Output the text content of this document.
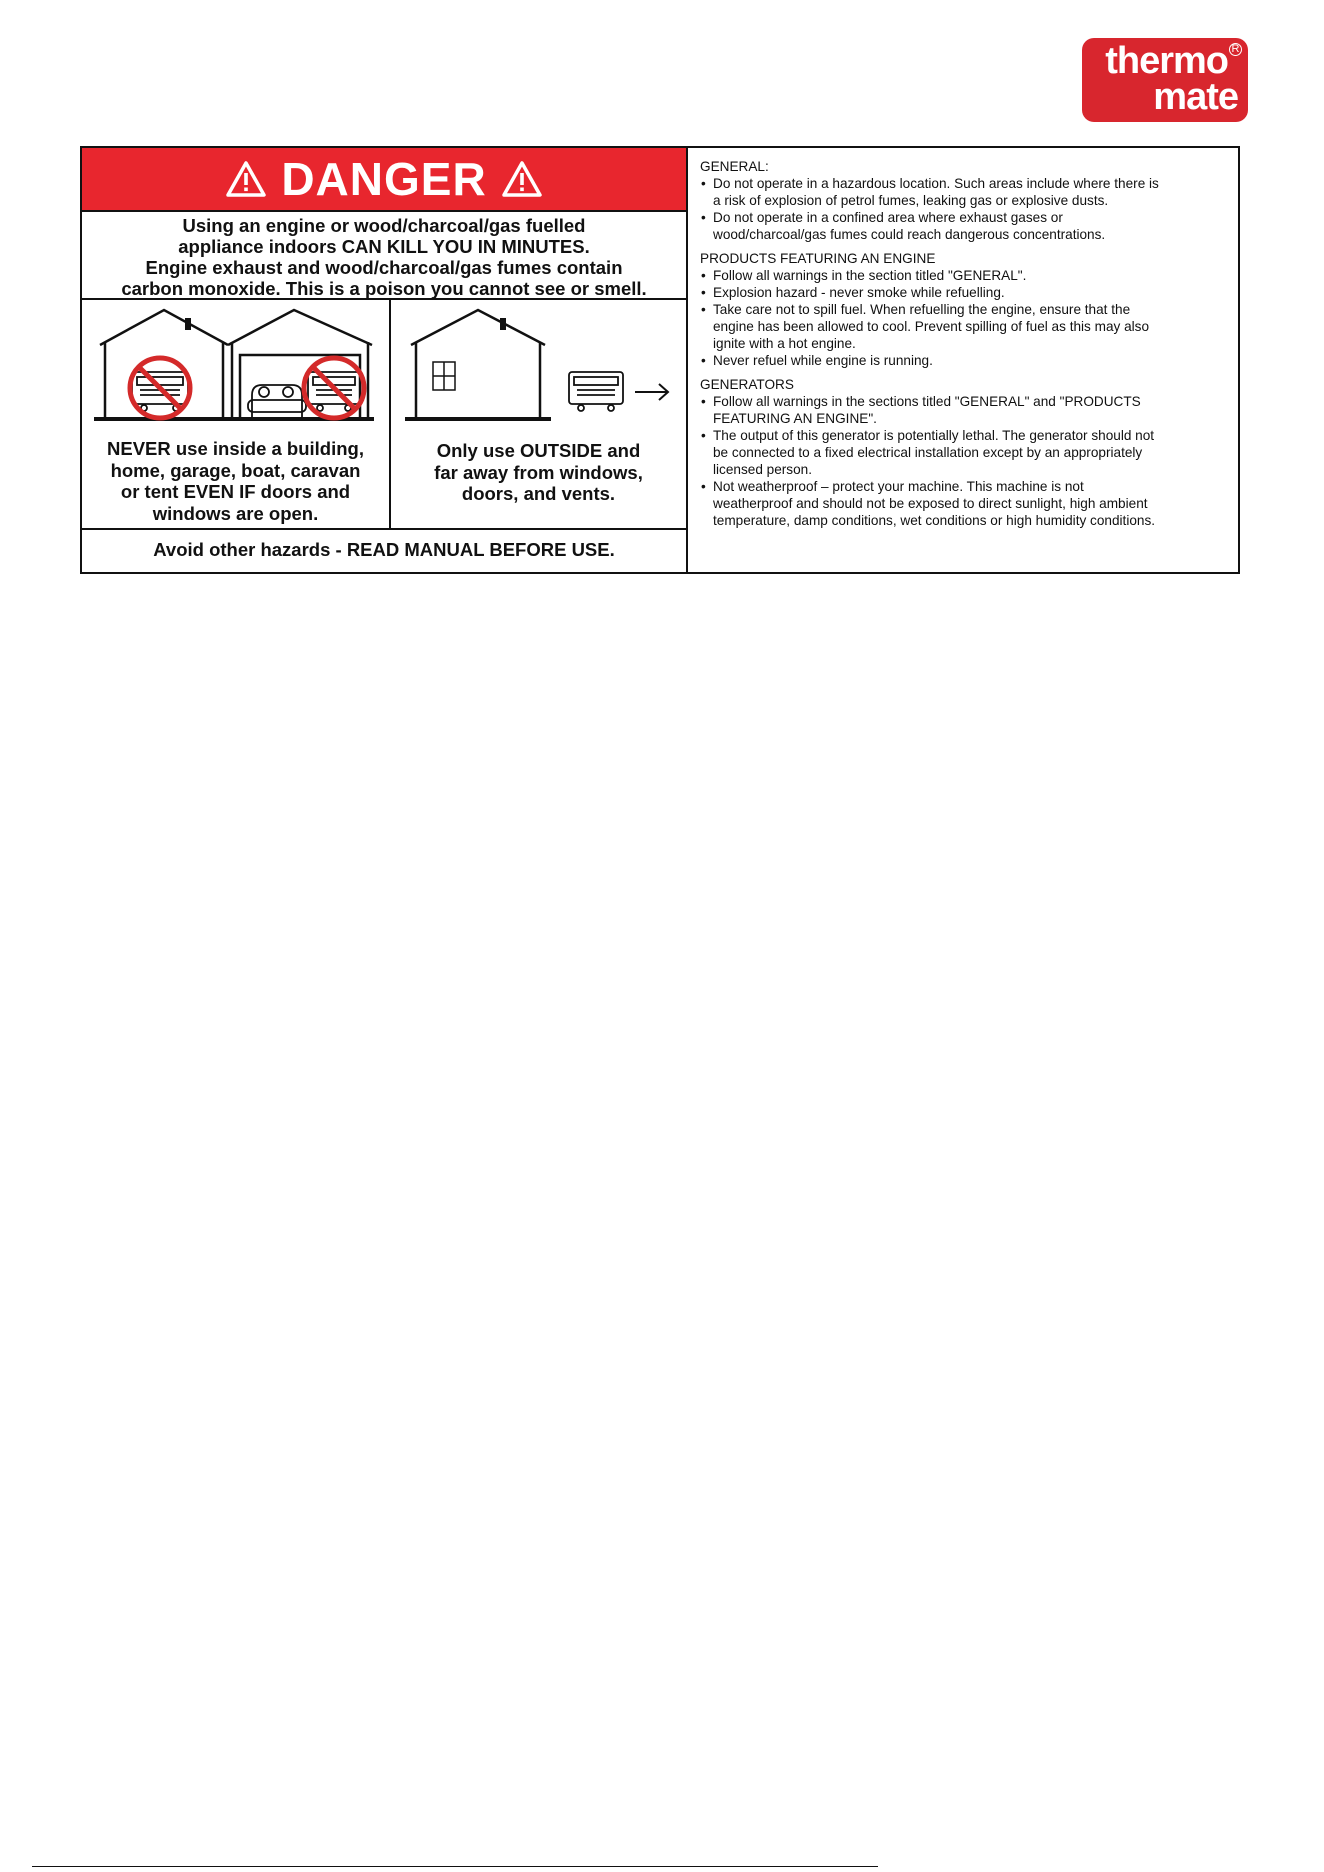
thermo
mate
R
DANGER
Using an engine or wood/charcoal/gas fuelled
appliance indoors CAN KILL YOU IN MINUTES.
Engine exhaust and wood/charcoal/gas fumes contain
carbon monoxide. This is a poison you cannot see or smell.
NEVER use inside a building,
home, garage, boat, caravan
or tent EVEN IF doors and
windows are open.
Only use OUTSIDE and
far away from windows,
doors, and vents.
Avoid other hazards - READ MANUAL BEFORE USE.
GENERAL:
• Do not operate in a hazardous location. Such areas include where there is
a risk of explosion of petrol fumes, leaking gas or explosive dusts.
• Do not operate in a confined area where exhaust gases or
wood/charcoal/gas fumes could reach dangerous concentrations.
PRODUCTS FEATURING AN ENGINE
• Follow all warnings in the section titled "GENERAL".
• Explosion hazard - never smoke while refuelling.
• Take care not to spill fuel. When refuelling the engine, ensure that the
engine has been allowed to cool. Prevent spilling of fuel as this may also
ignite with a hot engine.
• Never refuel while engine is running.
GENERATORS
• Follow all warnings in the sections titled "GENERAL" and "PRODUCTS
FEATURING AN ENGINE".
• The output of this generator is potentially lethal. The generator should not
be connected to a fixed electrical installation except by an appropriately
licensed person.
• Not weatherproof – protect your machine. This machine is not
weatherproof and should not be exposed to direct sunlight, high ambient
temperature, damp conditions, wet conditions or high humidity conditions.
